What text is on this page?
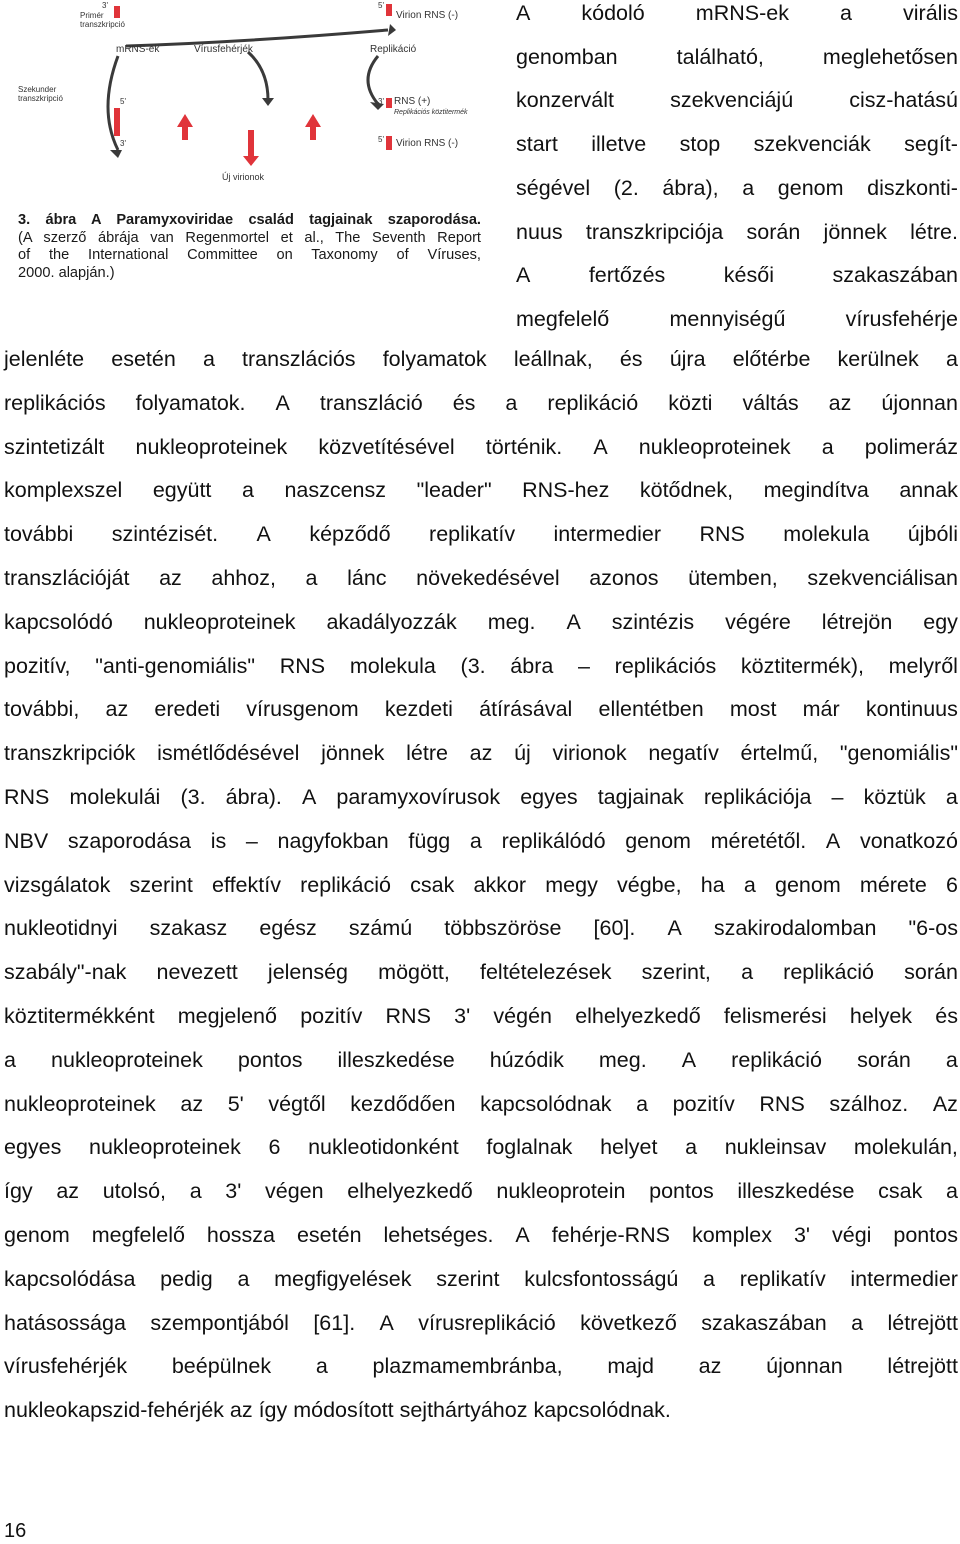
3'
Primér
transzkripció
mRNS-ek	Vírusfehérjék	Replikáció
5'
Virion RNS (-)
Szekunder
transzkripció	5'	3' RNS (+)
Replikációs köztitermék
3'	5' Virion RNS (-)
Új virionok
3. ábra A Paramyxoviridae család tagjainak szaporodása.
(A szerző ábrája van Regenmortel et al., The Seventh Report
of the International Committee on Taxonomy of Víruses,
2000. alapján.)
A kódoló mRNS-ek a virális
genomban	található,	meglehetősen
konzervált	szekvenciájú	cisz-hatású
start illetve stop szekvenciák segít-
ségével (2. ábra), a genom diszkonti-
nuus transzkripciója során jönnek létre.
A	fertőzés	késői	szakaszában
megfelelő	mennyiségű	vírusfehérje
jelenléte esetén a transzlációs folyamatok leállnak, és újra előtérbe kerülnek a
replikációs folyamatok. A transzláció és a replikáció közti váltás az újonnan
szintetizált nukleoproteinek közvetítésével történik. A nukleoproteinek a polimeráz
komplexszel együtt a naszcensz "leader" RNS-hez kötődnek, megindítva annak
további szintézisét. A képződő replikatív intermedier RNS molekula újbóli
transzlációját az ahhoz, a lánc növekedésével azonos ütemben, szekvenciálisan
kapcsolódó nukleoproteinek akadályozzák meg. A szintézis végére létrejön egy
pozitív, "anti-genomiális" RNS molekula (3. ábra – replikációs köztitermék), melyről
további, az eredeti vírusgenom kezdeti átírásával ellentétben most már kontinuus
transzkripciók ismétlődésével jönnek létre az új virionok negatív értelmű, "genomiális"
RNS molekulái (3. ábra). A paramyxovírusok egyes tagjainak replikációja – köztük a
NBV szaporodása is – nagyfokban függ a replikálódó genom méretétől. A vonatkozó
vizsgálatok szerint effektív replikáció csak akkor megy végbe, ha a genom mérete 6
nukleotidnyi szakasz egész számú többszöröse [60]. A szakirodalomban "6-os
szabály"-nak nevezett jelenség mögött, feltételezések szerint, a replikáció során
köztitermékként megjelenő pozitív RNS 3' végén elhelyezkedő felismerési helyek és
a nukleoproteinek pontos illeszkedése húzódik meg. A replikáció során a
nukleoproteinek az 5' végtől kezdődően kapcsolódnak a pozitív RNS szálhoz. Az
egyes nukleoproteinek 6 nukleotidonként foglalnak helyet a nukleinsav molekulán,
így az utolsó, a 3' végen elhelyezkedő nukleoprotein pontos illeszkedése csak a
genom megfelelő hossza esetén lehetséges. A fehérje-RNS komplex 3' végi pontos
kapcsolódása pedig a megfigyelések szerint kulcsfontosságú a replikatív intermedier
hatásossága szempontjából [61]. A vírusreplikáció következő szakaszában a létrejött
vírusfehérjék beépülnek a plazmamembránba, majd az újonnan létrejött
nukleokapszid-fehérjék az így módosított sejthártyához kapcsolódnak.
16
